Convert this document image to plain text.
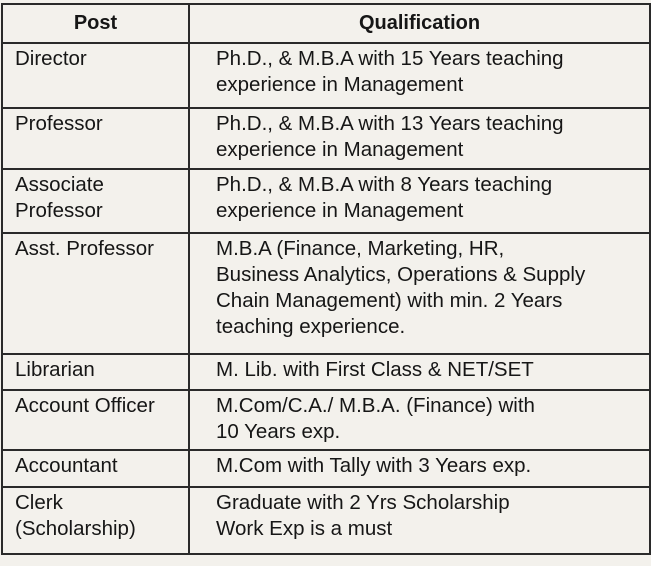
Post	Qualification

Director	Ph.D., & M.B.A with 15 Years teaching
experience in Management

Professor	Ph.D., & M.B.A with 13 Years teaching
experience in Management

Associate
Professor	Ph.D., & M.B.A with 8 Years teaching
experience in Management

Asst. Professor	M.B.A (Finance, Marketing, HR,
Business Analytics, Operations & Supply
Chain Management) with min. 2 Years
teaching experience.

Librarian	M. Lib. with First Class & NET/SET

Account Officer	M.Com/C.A./ M.B.A. (Finance) with
10 Years exp.

Accountant	M.Com with Tally with 3 Years exp.

Clerk
(Scholarship)	Graduate with 2 Yrs Scholarship
Work Exp is a must
